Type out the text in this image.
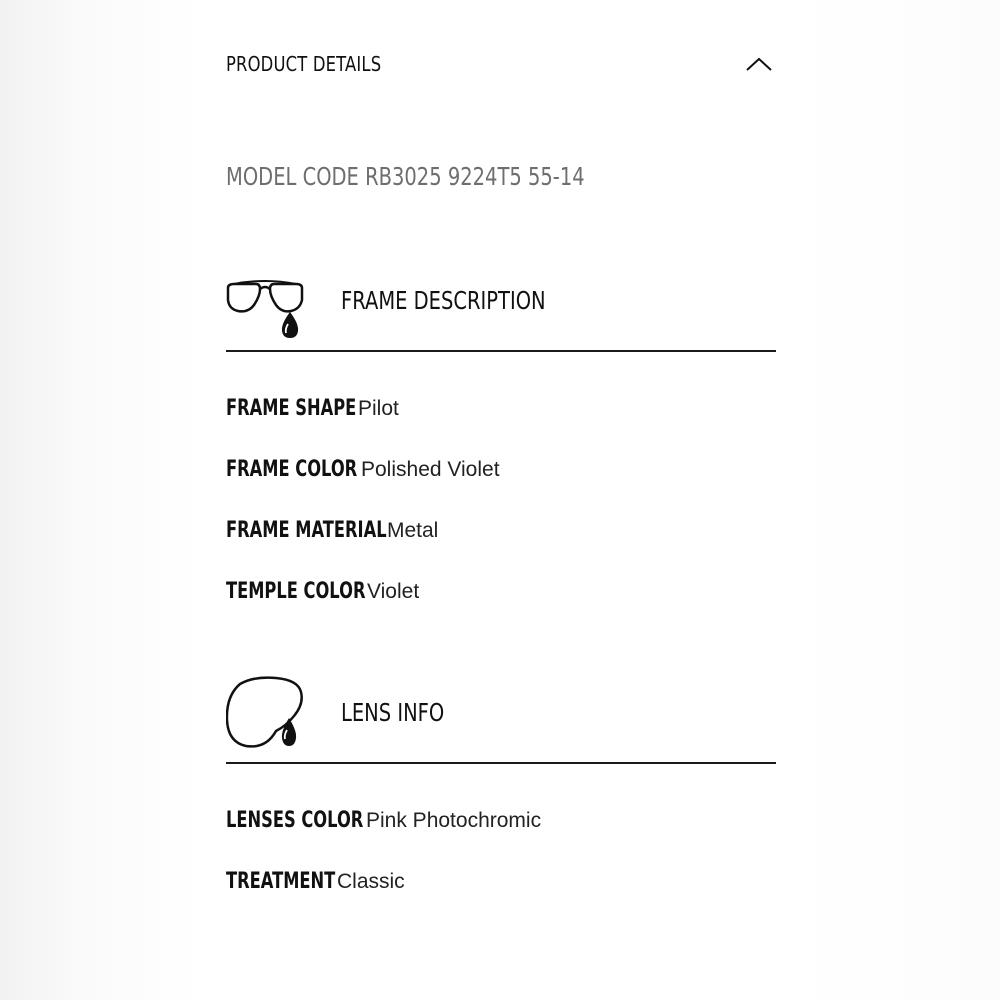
PRODUCT DETAILS
MODEL CODE RB3025 9224T5 55-14
FRAME DESCRIPTION
FRAME SHAPE Pilot
FRAME COLOR Polished Violet
FRAME MATERIAL Metal
TEMPLE COLOR Violet
LENS INFO
LENSES COLOR Pink Photochromic
TREATMENT Classic
